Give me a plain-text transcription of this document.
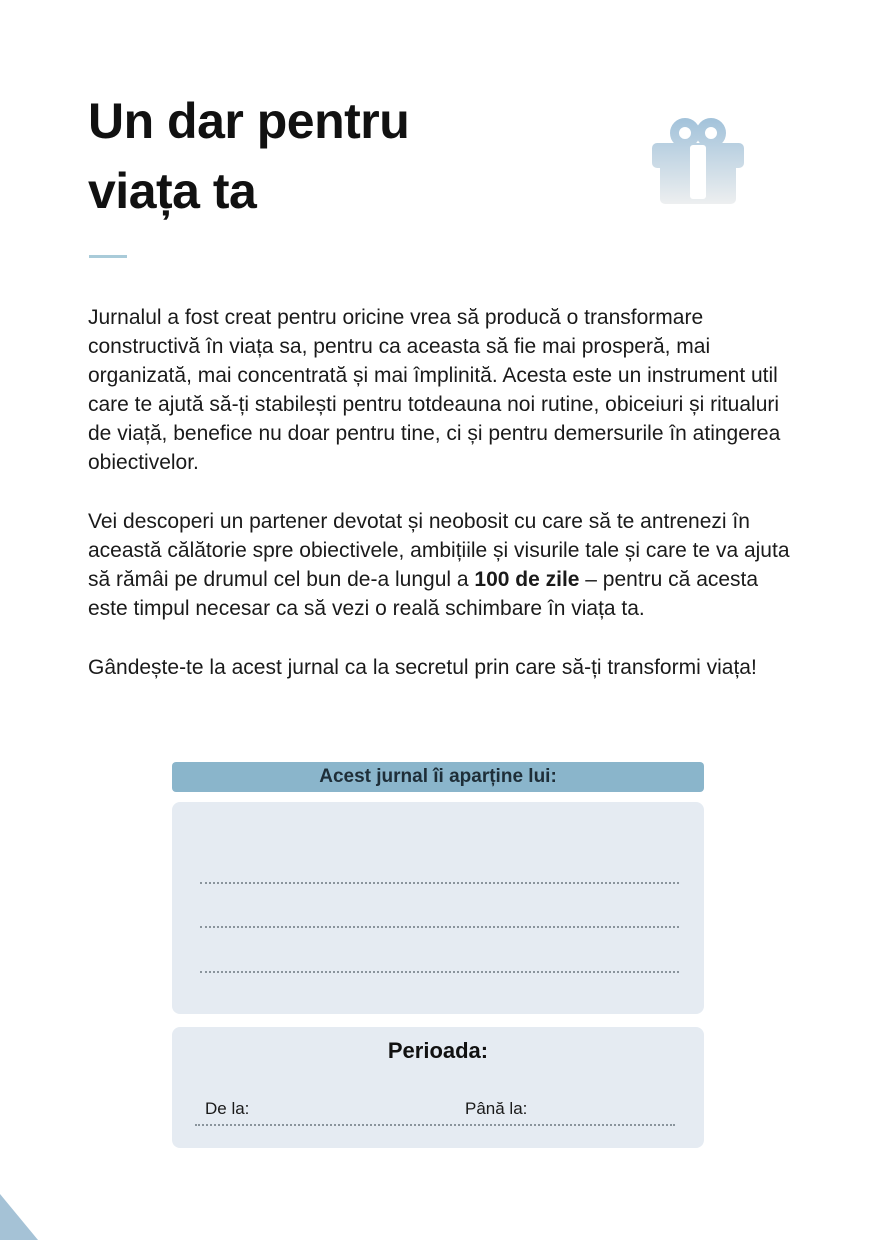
Un dar pentru
viața ta

Jurnalul a fost creat pentru oricine vrea să producă o transformare constructivă în viața sa, pentru ca aceasta să fie mai prosperă, mai organizată, mai concentrată și mai împlinită. Acesta este un instrument util care te ajută să-ți stabilești pentru totdeauna noi rutine, obiceiuri și ritualuri de viață, benefice nu doar pentru tine, ci și pentru demersurile în atingerea obiectivelor.

Vei descoperi un partener devotat și neobosit cu care să te antrenezi în această călătorie spre obiectivele, ambițiile și visurile tale și care te va ajuta să rămâi pe drumul cel bun de-a lungul a 100 de zile – pentru că acesta este timpul necesar ca să vezi o reală schimbare în viața ta.

Gândește-te la acest jurnal ca la secretul prin care să-ți transformi viața!

Acest jurnal îi aparține lui:
Perioada:
De la:	Până la:
